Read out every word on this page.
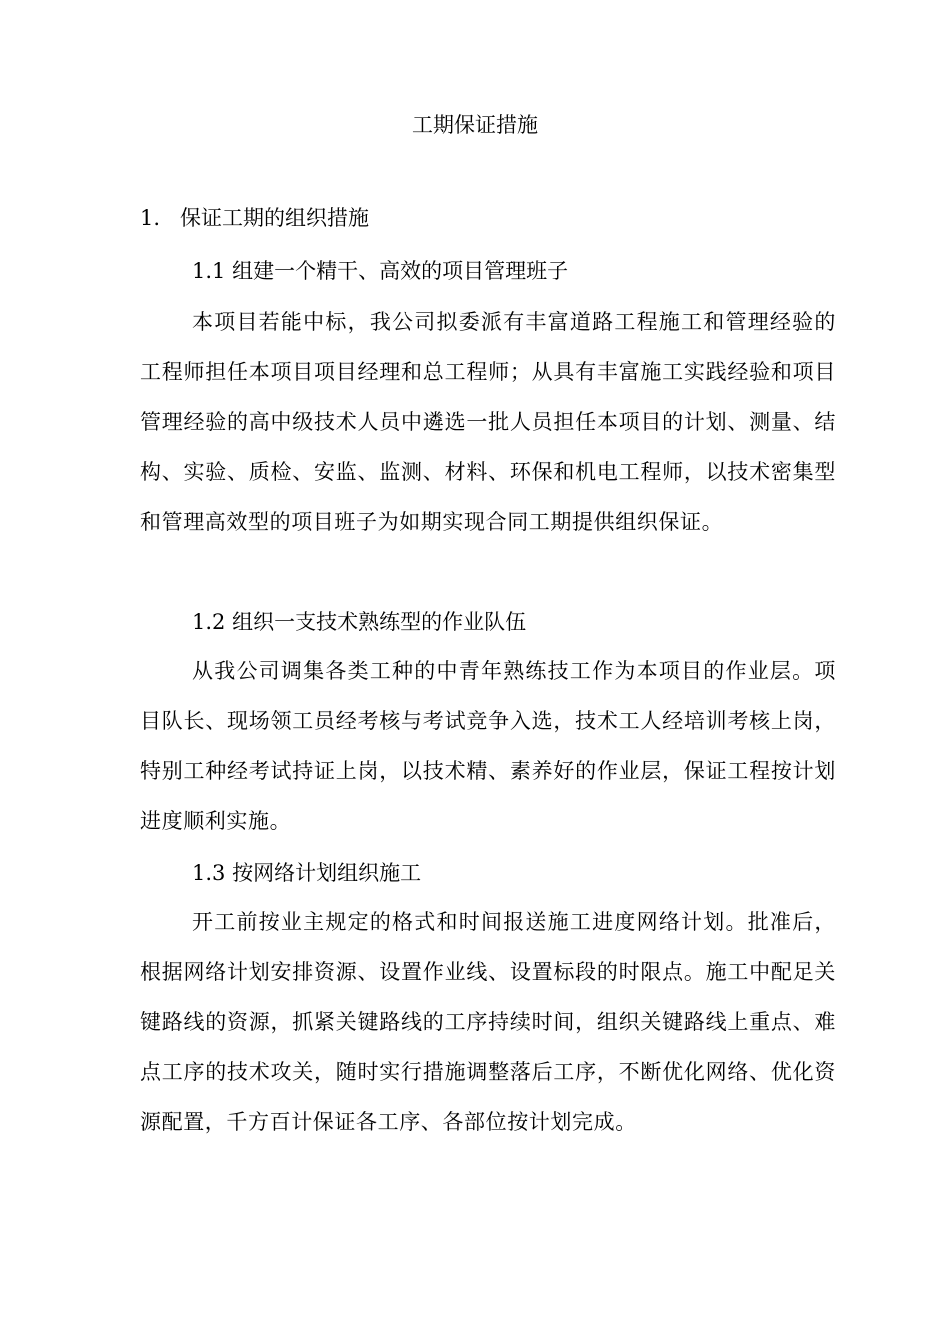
工期保证措施
1. 保证工期的组织措施
1.1 组建一个精干、高效的项目管理班子
本项目若能中标，我公司拟委派有丰富道路工程施工和管理经验的工程师担任本项目项目经理和总工程师；从具有丰富施工实践经验和项目管理经验的高中级技术人员中遴选一批人员担任本项目的计划、测量、结构、实验、质检、安监、监测、材料、环保和机电工程师，以技术密集型和管理高效型的项目班子为如期实现合同工期提供组织保证。
1.2 组织一支技术熟练型的作业队伍
从我公司调集各类工种的中青年熟练技工作为本项目的作业层。项目队长、现场领工员经考核与考试竞争入选，技术工人经培训考核上岗，特别工种经考试持证上岗，以技术精、素养好的作业层，保证工程按计划进度顺利实施。
1.3 按网络计划组织施工
开工前按业主规定的格式和时间报送施工进度网络计划。批准后，根据网络计划安排资源、设置作业线、设置标段的时限点。施工中配足关键路线的资源，抓紧关键路线的工序持续时间，组织关键路线上重点、难点工序的技术攻关，随时实行措施调整落后工序，不断优化网络、优化资源配置，千方百计保证各工序、各部位按计划完成。
